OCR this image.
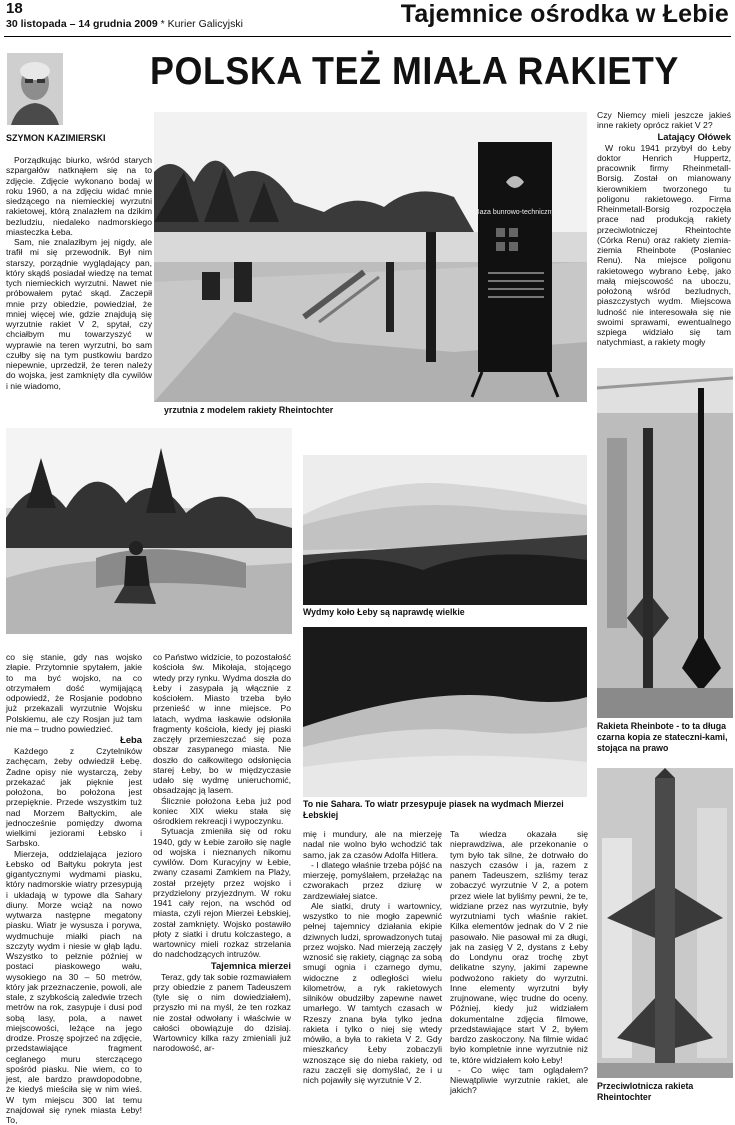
18
30 listopada – 14 grudnia 2009 * Kurier Galicyjski	Tajemnice ośrodka w Łebie
POLSKA TEŻ MIAŁA RAKIETY
SZYMON KAZIMIERSKI

Porządkując biurko, wśród starych szpargałów natknąłem się na to zdjęcie. Zdjęcie wykonano bodaj w roku 1960, a na zdjęciu widać mnie siedzącego na niemieckiej wyrzutni rakietowej, którą znalazłem na dzikim bezludziu, niedaleko nadmorskiego miasteczka Łeba.

Sam, nie znalazłbym jej nigdy, ale trafił mi się przewodnik. Był nim starszy, porządnie wyglądający pan, który skądś posiadał wiedzę na temat tych niemieckich wyrzutni. Nawet nie próbowałem pytać skąd. Zaczepił mnie przy obiedzie, powiedział, że mniej więcej wie, gdzie znajdują się wyrzutnie rakiet V 2, spytał, czy chciałbym mu towarzyszyć w wyprawie na teren wyrzutni, bo sam czułby się na tym pustkowiu bardzo niepewnie, uprzedził, że teren należy do wojska, jest zamknięty dla cywilów i nie wiadomo,

Baza bunrowo-techniczny
yrzutnia z modelem rakiety Rheintochter

Czy Niemcy mieli jeszcze jakieś inne rakiety oprócz rakiet V 2?

Latający Ołówek

W roku 1941 przybył do Łeby doktor Henrich Huppertz, pracownik firmy Rheinmetall-Borsig. Został on mianowany kierownikiem tworzonego tu poligonu rakietowego. Firma Rheinmetall-Borsig rozpoczęła prace nad produkcją rakiety przeciwlotniczej Rheintochte (Córka Renu) oraz rakiety ziemia-ziemia Rheinbote (Posłaniec Renu). Na miejsce poligonu rakietowego wybrano Łebę, jako małą miejscowość na uboczu, położoną wśród bezludnych, piaszczystych wydm. Miejscowa ludność nie interesowała się nie swoimi sprawami, ewentualnego szpiega widziało się tam natychmiast, a rakiety mogły

Rakieta Rheinbote - to ta długa czarna kopia ze stateczni-kami, stojąca na prawo
Przeciwlotnicza rakieta Rheintochter
Wydmy koło Łeby są naprawdę wielkie
To nie Sahara. To wiatr przesypuje piasek na wydmach Mierzei Łebskiej

co się stanie, gdy nas wojsko złapie. Przytomnie spytałem, jakie to ma być wojsko, na co otrzymałem dość wymijającą odpowiedź, że Rosjanie podobno już przekazali wyrzutnie Wojsku Polskiemu, ale czy Rosjan już tam nie ma – trudno powiedzieć.

Łeba

Każdego z Czytelników zachęcam, żeby odwiedził Łebę. Żadne opisy nie wystarczą, żeby przekazać jak pięknie jest położona, bo położona jest przepięknie. Przede wszystkim tuż nad Morzem Bałtyckim, ale jednocześnie pomiędzy dwoma wielkimi jeziorami Łebsko i Sarbsko.

Mierzeja, oddzielająca jezioro Łebsko od Bałtyku pokryta jest gigantycznymi wydmami piasku, który nadmorskie wiatry przesypują i układają w typowe dla Sahary diuny. Morze wciąż na nowo wytwarza następne megatony piasku. Wiatr je wysusza i porywa, wydmuchuje miałki piach na szczyty wydm i niesie w głąb lądu. Wszystko to pełznie później w postaci piaskowego wału, wysokiego na 30 – 50 metrów, który jak przeznaczenie, powoli, ale stale, z szybkością zaledwie trzech metrów na rok, zasypuje i dusi pod sobą lasy, pola, a nawet miejscowości, leżące na jego drodze. Proszę spojrzeć na zdjęcie, przedstawiające fragment ceglanego muru sterczącego spośród piasku. Nie wiem, co to jest, ale bardzo prawdopodobne, że kiedyś mieściła się w nim wieś. W tym miejscu 300 lat temu znajdował się rynek miasta Łeby! To,

co Państwo widzicie, to pozostałość kościoła św. Mikołaja, stojącego wtedy przy rynku. Wydma doszła do Łeby i zasypała ją włącznie z kościołem. Miasto trzeba było przenieść w inne miejsce. Po latach, wydma łaskawie odsłoniła fragmenty kościoła, kiedy jej piaski zaczęły przemieszczać się poza obszar zasypanego miasta. Nie doszło do całkowitego odsłonięcia starej Łeby, bo w międzyczasie udało się wydmę unieruchomić, obsadzając ją lasem.

Ślicznie położona Łeba już pod koniec XIX wieku stała się ośrodkiem rekreacji i wypoczynku.

Sytuacja zmieniła się od roku 1940, gdy w Łebie zaroiło się nagle od wojska i nieznanych nikomu cywilów. Dom Kuracyjny w Łebie, zwany czasami Zamkiem na Plaży, został przejęty przez wojsko i przydzielony przyjezdnym. W roku 1941 cały rejon, na wschód od miasta, czyli rejon Mierzei Łebskiej, został zamknięty. Wojsko postawiło płoty z siatki i drutu kolczastego, a wartownicy mieli rozkaz strzelania do nadchodzących intruzów.

Tajemnica mierzei

Teraz, gdy tak sobie rozmawiałem przy obiedzie z panem Tadeuszem (tyle się o nim dowiedziałem), przyszło mi na myśl, że ten rozkaz nie został odwołany i właściwie w całości obowiązuje do dzisiaj. Wartownicy kilka razy zmieniali już narodowość, ar-

mię i mundury, ale na mierzeję nadal nie wolno było wchodzić tak samo, jak za czasów Adolfa Hitlera.

- I dlatego właśnie trzeba pójść na mierzeję, pomyślałem, przełażąc na czworakach przez dziurę w zardzewiałej siatce.

Ale siatki, druty i wartownicy, wszystko to nie mogło zapewnić pełnej tajemnicy działania ekipie dziwnych ludzi, sprowadzonych tutaj przez wojsko. Nad mierzeją zaczęły wznosić się rakiety, ciągnąc za sobą smugi ognia i czarnego dymu, widoczne z odległości wielu kilometrów, a ryk rakietowych silników obudziłby zapewne nawet umarłego. W tamtych czasach w Rzeszy znana była tylko jedna rakieta i tylko o niej się wtedy mówiło, a była to rakieta V 2. Gdy mieszkańcy Łeby zobaczyli wznoszące się do nieba rakiety, od razu zaczęli się domyślać, że i u nich pojawiły się wyrzutnie V 2.

Ta wiedza okazała się nieprawdziwa, ale przekonanie o tym było tak silne, że dotrwało do naszych czasów i ja, razem z panem Tadeuszem, szliśmy teraz zobaczyć wyrzutnie V 2, a potem przez wiele lat byliśmy pewni, że te, widziane przez nas wyrzutnie, były wyrzutniami tych właśnie rakiet. Kilka elementów jednak do V 2 nie pasowało. Nie pasował mi za długi, jak na zasięg V 2, dystans z Łeby do Londynu oraz trochę zbyt delikatne szyny, jakimi zapewne podwożono rakiety do wyrzutni. Inne elementy wyrzutni były zrujnowane, więc trudne do oceny. Później, kiedy już widziałem dokumentalne zdjęcia filmowe, przedstawiające start V 2, byłem bardzo zaskoczony. Na filmie widać było kompletnie inne wyrzutnie niż te, które widziałem koło Łeby!

- Co więc tam oglądałem? Niewątpliwie wyrzutnie rakiet, ale jakich?
